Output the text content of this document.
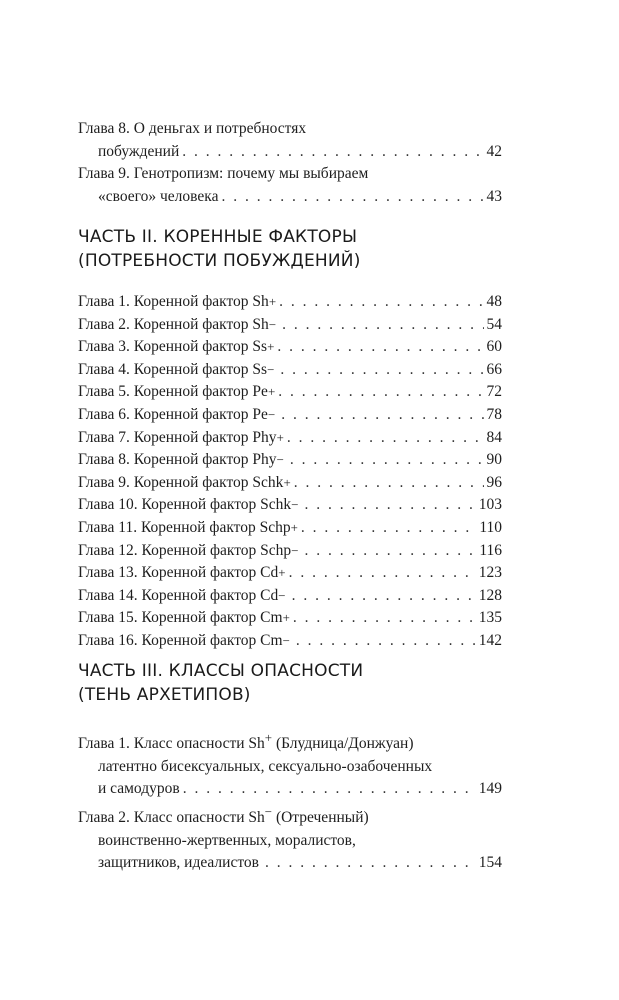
Глава 8. О деньгах и потребностях
побуждений . . .	42
Глава 9. Генотропизм: почему мы выбираем
«своего» человека . . .	43
ЧАСТЬ II. КОРЕННЫЕ ФАКТОРЫ
(ПОТРЕБНОСТИ ПОБУЖДЕНИЙ)
Глава 1. Коренной фактор Sh + . . .	48
Глава 2. Коренной фактор Sh − . . .	54
Глава 3. Коренной фактор Ss + . . .	60
Глава 4. Коренной фактор Ss − . . .	66
Глава 5. Коренной фактор Pe + . . .	72
Глава 6. Коренной фактор Pe − . . .	78
Глава 7. Коренной фактор Phy + . . .	84
Глава 8. Коренной фактор Phy − . . .	90
Глава 9. Коренной фактор Schk + . . .	96
Глава 10. Коренной фактор Schk − . . .	103
Глава 11. Коренной фактор Schp + . . .	110
Глава 12. Коренной фактор Schp − . . .	116
Глава 13. Коренной фактор Cd + . . .	123
Глава 14. Коренной фактор Cd − . . .	128
Глава 15. Коренной фактор Cm + . . .	135
Глава 16. Коренной фактор Cm − . . .	142
ЧАСТЬ III. КЛАССЫ ОПАСНОСТИ
(ТЕНЬ АРХЕТИПОВ)
Глава 1. Класс опасности Sh+ (Блудница/Донжуан)
латентно бисексуальных, сексуально-озабоченных
и самодуров . . .	149
Глава 2. Класс опасности Sh− (Отреченный)
воинственно-жертвенных, моралистов,
защитников, идеалистов . . .	154
